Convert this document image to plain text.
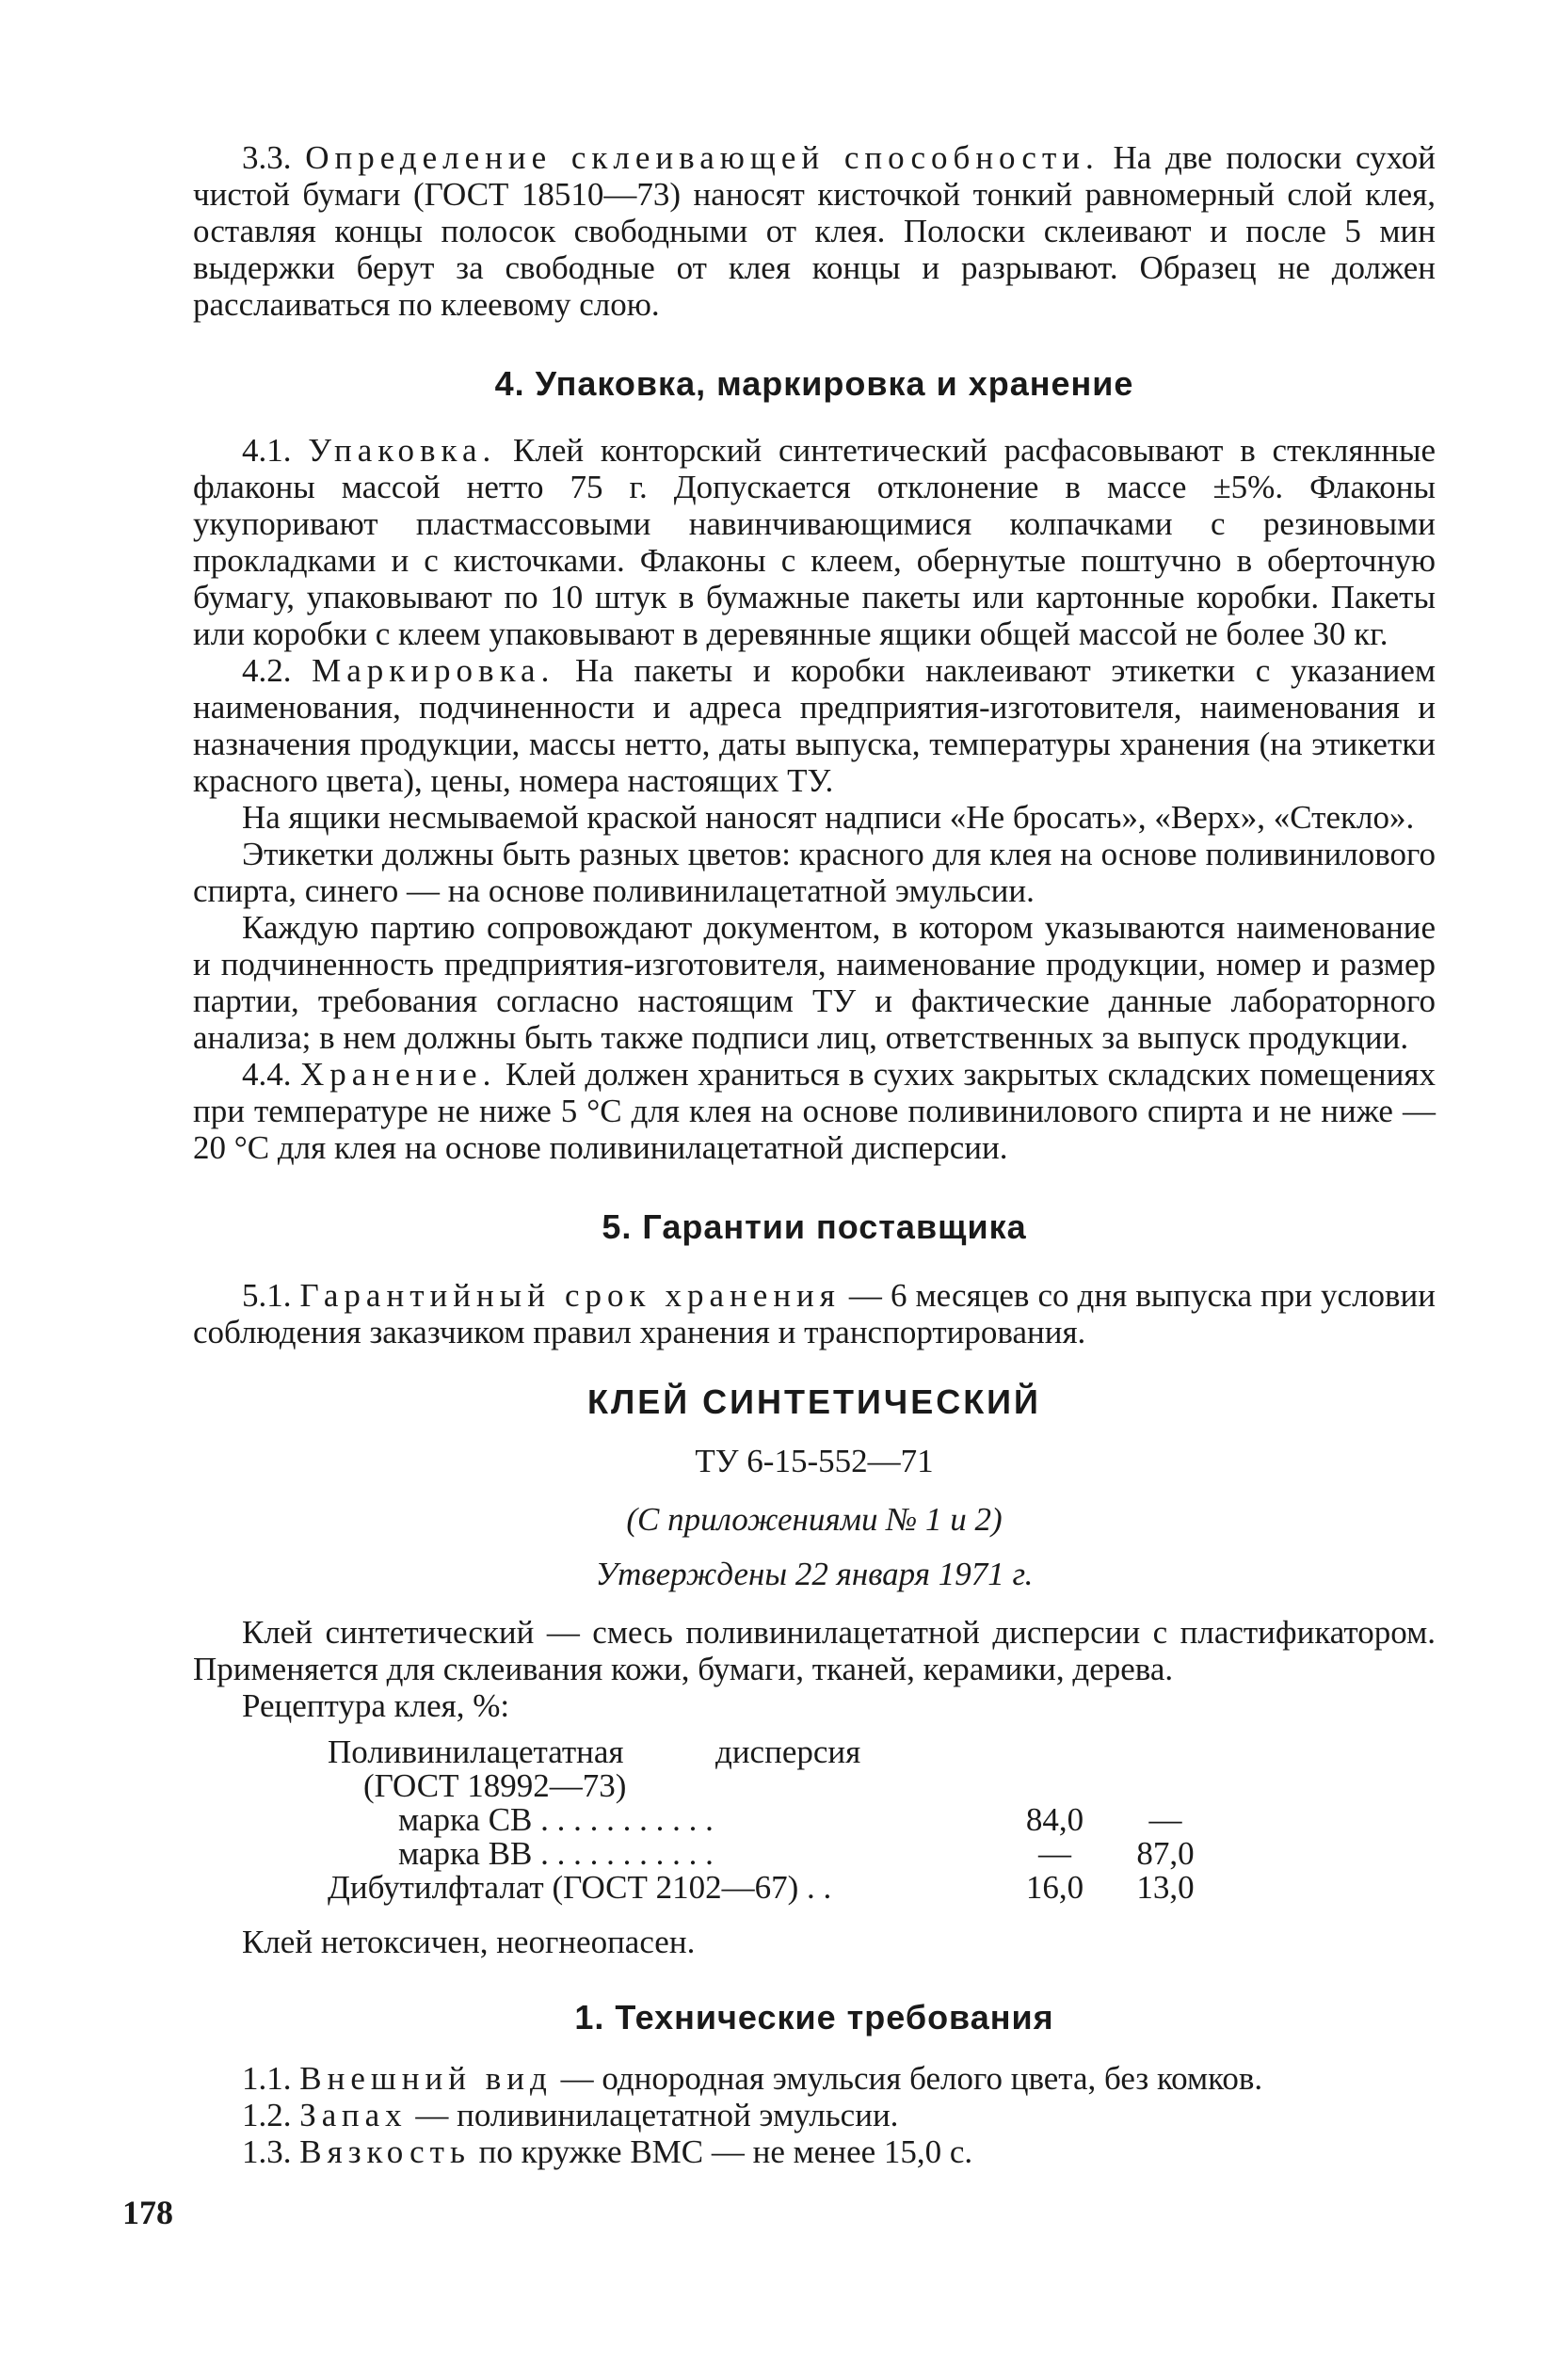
3.3. Определение склеивающей способности. На две полоски сухой чистой бумаги (ГОСТ 18510—73) наносят кисточкой тонкий равномерный слой клея, оставляя концы полосок свободными от клея. Полоски склеивают и после 5 мин выдержки берут за свободные от клея концы и разрывают. Образец не должен расслаиваться по клеевому слою.

4. Упаковка, маркировка и хранение

4.1. Упаковка. Клей конторский синтетический расфасовывают в стеклянные флаконы массой нетто 75 г. Допускается отклонение в массе ±5%. Флаконы укупоривают пластмассовыми навинчивающимися колпачками с резиновыми прокладками и с кисточками. Флаконы с клеем, обернутые поштучно в оберточную бумагу, упаковывают по 10 штук в бумажные пакеты или картонные коробки. Пакеты или коробки с клеем упаковывают в деревянные ящики общей массой не более 30 кг.

4.2. Маркировка. На пакеты и коробки наклеивают этикетки с указанием наименования, подчиненности и адреса предприятия-изготовителя, наименования и назначения продукции, массы нетто, даты выпуска, температуры хранения (на этикетки красного цвета), цены, номера настоящих ТУ.

На ящики несмываемой краской наносят надписи «Не бросать», «Верх», «Стекло».

Этикетки должны быть разных цветов: красного для клея на основе поливинилового спирта, синего — на основе поливинилацетатной эмульсии.

Каждую партию сопровождают документом, в котором указываются наименование и подчиненность предприятия-изготовителя, наименование продукции, номер и размер партии, требования согласно настоящим ТУ и фактические данные лабораторного анализа; в нем должны быть также подписи лиц, ответственных за выпуск продукции.

4.4. Хранение. Клей должен храниться в сухих закрытых складских помещениях при температуре не ниже 5 °С для клея на основе поливинилового спирта и не ниже —20 °С для клея на основе поливинилацетатной дисперсии.

5. Гарантии поставщика

5.1. Гарантийный срок хранения — 6 месяцев со дня выпуска при условии соблюдения заказчиком правил хранения и транспортирования.

КЛЕЙ СИНТЕТИЧЕСКИЙ
ТУ 6-15-552—71
(С приложениями № 1 и 2)
Утверждены 22 января 1971 г.

Клей синтетический — смесь поливинилацетатной дисперсии с пластификатором. Применяется для склеивания кожи, бумаги, тканей, керамики, дерева.

Рецептура клея, %:

Поливинилацетатная дисперсия		
(ГОСТ 18992—73)		
марка СВ . . . . . . . . . . .	84,0	—
марка ВВ . . . . . . . . . . .	—	87,0
Дибутилфталат (ГОСТ 2102—67) . .	16,0	13,0

Клей нетоксичен, неогнеопасен.

1. Технические требования

1.1. Внешний вид — однородная эмульсия белого цвета, без комков.

1.2. Запах — поливинилацетатной эмульсии.

1.3. Вязкость по кружке ВМС — не менее 15,0 с.

178
